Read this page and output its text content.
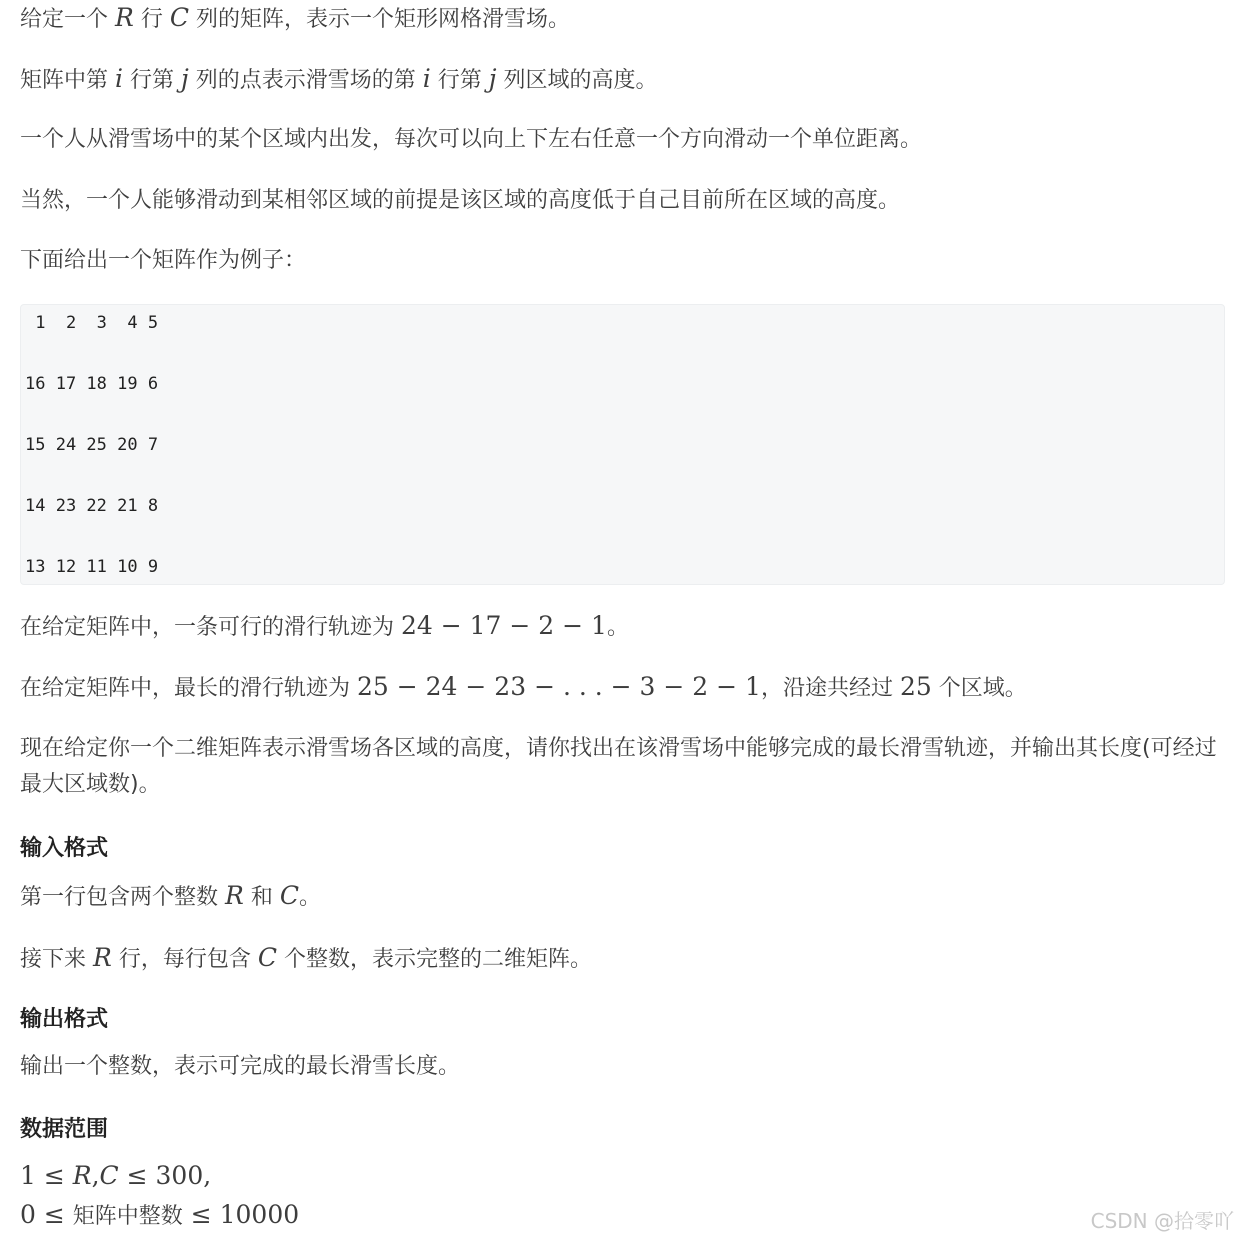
给定一个 R 行 C 列的矩阵，表示一个矩形网格滑雪场。

矩阵中第 i 行第 j 列的点表示滑雪场的第 i 行第 j 列区域的高度。

一个人从滑雪场中的某个区域内出发，每次可以向上下左右任意一个方向滑动一个单位距离。

当然，一个人能够滑动到某相邻区域的前提是该区域的高度低于自己目前所在区域的高度。

下面给出一个矩阵作为例子：

1  2  3  4 5
16 17 18 19 6
15 24 25 20 7
14 23 22 21 8
13 12 11 10 9

在给定矩阵中，一条可行的滑行轨迹为 24 − 17 − 2 − 1。

在给定矩阵中，最长的滑行轨迹为 25 − 24 − 23 − . . . − 3 − 2 − 1，沿途共经过 25 个区域。

现在给定你一个二维矩阵表示滑雪场各区域的高度，请你找出在该滑雪场中能够完成的最长滑雪轨迹，并输出其长度(可经过最大区域数)。

输入格式

第一行包含两个整数 R 和 C。

接下来 R 行，每行包含 C 个整数，表示完整的二维矩阵。

输出格式

输出一个整数，表示可完成的最长滑雪长度。

数据范围

1 ≤ R,C ≤ 300,

0 ≤ 矩阵中整数 ≤ 10000	CSDN @拾零吖
